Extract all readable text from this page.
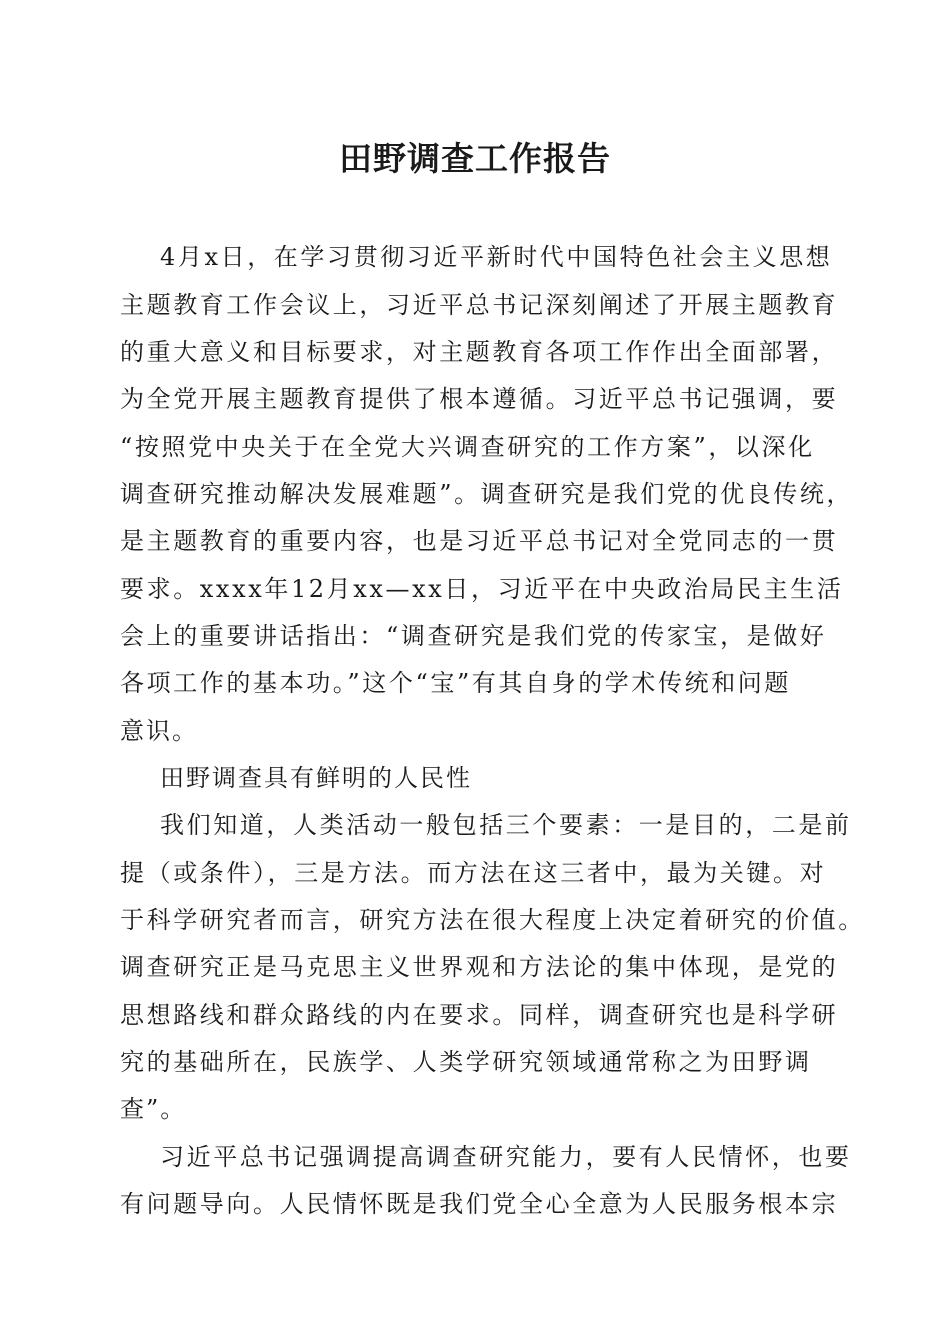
田野调查工作报告
4月x日，在学习贯彻习近平新时代中国特色社会主义思想
主题教育工作会议上，习近平总书记深刻阐述了开展主题教育
的重大意义和目标要求，对主题教育各项工作作出全面部署，
为全党开展主题教育提供了根本遵循。习近平总书记强调，要
“按照党中央关于在全党大兴调查研究的工作方案”，以深化
调查研究推动解决发展难题”。调查研究是我们党的优良传统，
是主题教育的重要内容，也是习近平总书记对全党同志的一贯
要求。xxxx年12月xx—xx日，习近平在中央政治局民主生活
会上的重要讲话指出：“调查研究是我们党的传家宝，是做好
各项工作的基本功。”这个“宝”有其自身的学术传统和问题
意识。
田野调查具有鲜明的人民性
我们知道，人类活动一般包括三个要素：一是目的，二是前
提（或条件），三是方法。而方法在这三者中，最为关键。对
于科学研究者而言，研究方法在很大程度上决定着研究的价值。
调查研究正是马克思主义世界观和方法论的集中体现，是党的
思想路线和群众路线的内在要求。同样，调查研究也是科学研
究的基础所在，民族学、人类学研究领域通常称之为田野调
查”。
习近平总书记强调提高调查研究能力，要有人民情怀，也要
有问题导向。人民情怀既是我们党全心全意为人民服务根本宗
